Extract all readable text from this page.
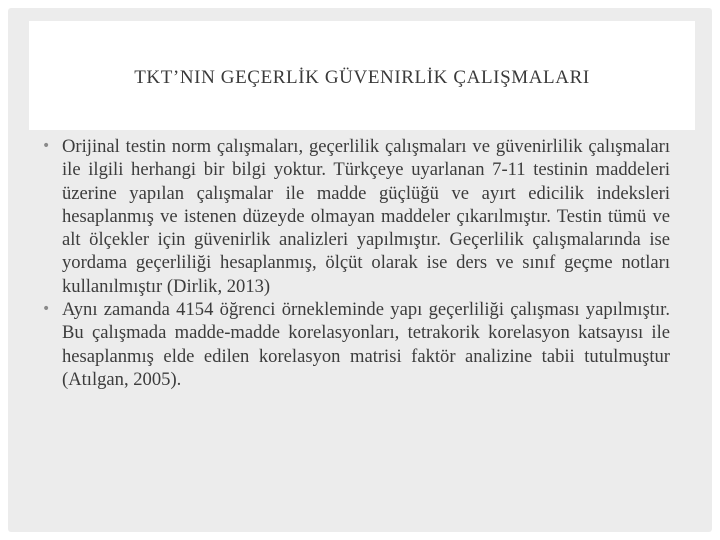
TKT’NIN GEÇERLİK GÜVENIRLİK ÇALIŞMALARI

• Orijinal testin norm çalışmaları, geçerlilik çalışmaları ve güvenirlilik çalışmaları ile ilgili herhangi bir bilgi yoktur. Türkçeye uyarlanan 7-11 testinin maddeleri üzerine yapılan çalışmalar ile madde güçlüğü ve ayırt edicilik indeksleri hesaplanmış ve istenen düzeyde olmayan maddeler çıkarılmıştır. Testin tümü ve alt ölçekler için güvenirlik analizleri yapılmıştır. Geçerlilik çalışmalarında ise yordama geçerliliği hesaplanmış, ölçüt olarak ise ders ve sınıf geçme notları kullanılmıştır (Dirlik, 2013)

• Aynı zamanda 4154 öğrenci örnekleminde yapı geçerliliği çalışması yapılmıştır. Bu çalışmada madde-madde korelasyonları, tetrakorik korelasyon katsayısı ile hesaplanmış elde edilen korelasyon matrisi faktör analizine tabii tutulmuştur (Atılgan, 2005).
